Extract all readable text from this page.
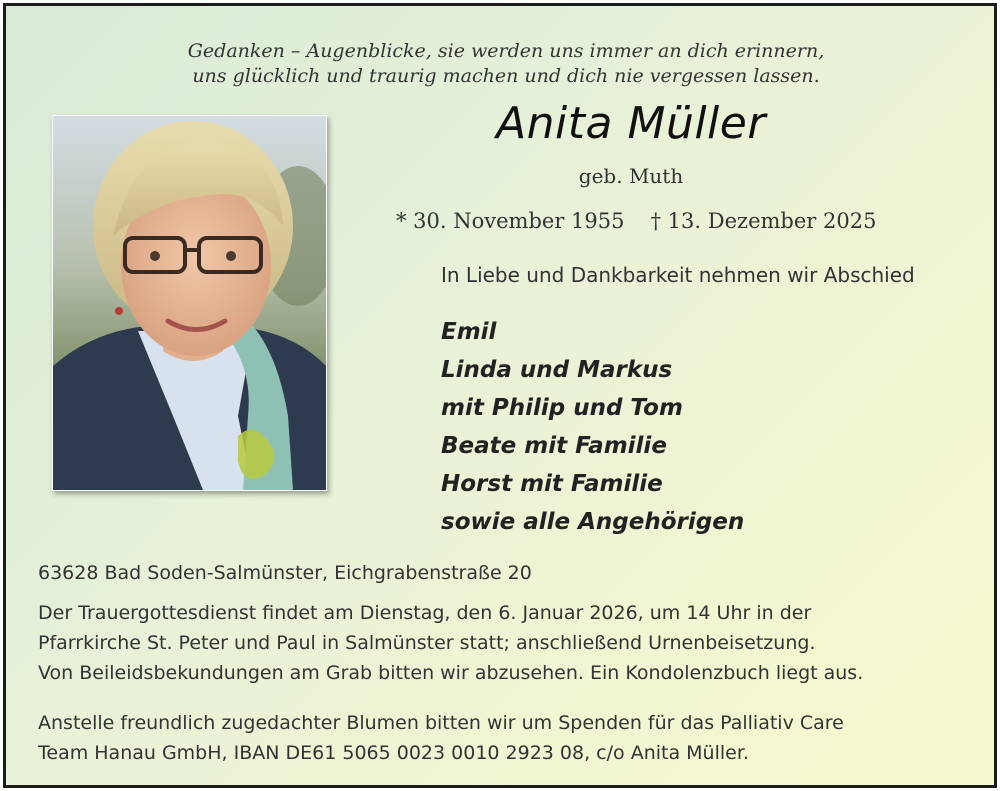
Gedanken – Augenblicke, sie werden uns immer an dich erinnern,
uns glücklich und traurig machen und dich nie vergessen lassen.
Anita Müller
geb. Muth
* 30. November 1955 † 13. Dezember 2025
In Liebe und Dankbarkeit nehmen wir Abschied
Emil
Linda und Markus
mit Philip und Tom
Beate mit Familie
Horst mit Familie
sowie alle Angehörigen
63628 Bad Soden-Salmünster, Eichgrabenstraße 20
Der Trauergottesdienst findet am Dienstag, den 6. Januar 2026, um 14 Uhr in der
Pfarrkirche St. Peter und Paul in Salmünster statt; anschließend Urnenbeisetzung.
Von Beileidsbekundungen am Grab bitten wir abzusehen. Ein Kondolenzbuch liegt aus.
Anstelle freundlich zugedachter Blumen bitten wir um Spenden für das Palliativ Care
Team Hanau GmbH, IBAN DE61 5065 0023 0010 2923 08, c/o Anita Müller.
